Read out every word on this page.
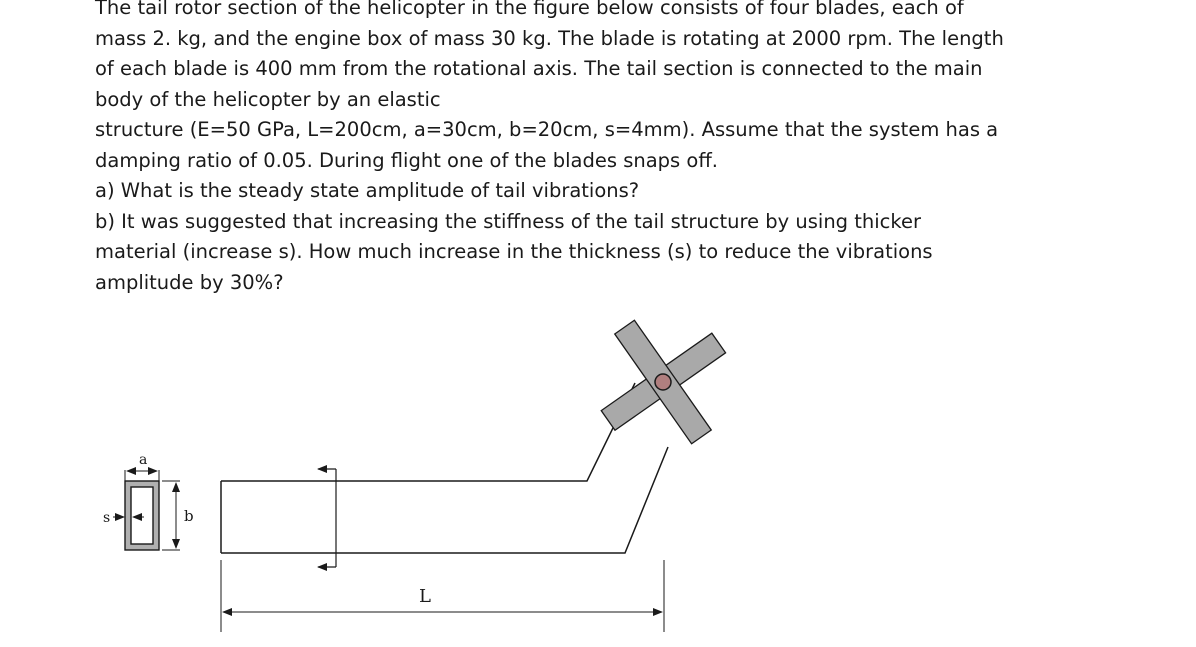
The tail rotor section of the helicopter in the figure below consists of four blades, each of

mass 2. kg, and the engine box of mass 30 kg. The blade is rotating at 2000 rpm. The length

of each blade is 400 mm from the rotational axis. The tail section is connected to the main

body of the helicopter by an elastic

structure (E=50 GPa, L=200cm, a=30cm, b=20cm, s=4mm). Assume that the system has a

damping ratio of 0.05. During flight one of the blades snaps off.

a) What is the steady state amplitude of tail vibrations?

b) It was suggested that increasing the stiffness of the tail structure by using thicker

material (increase s). How much increase in the thickness (s) to reduce the vibrations

amplitude by 30%?

a
b
s
L
